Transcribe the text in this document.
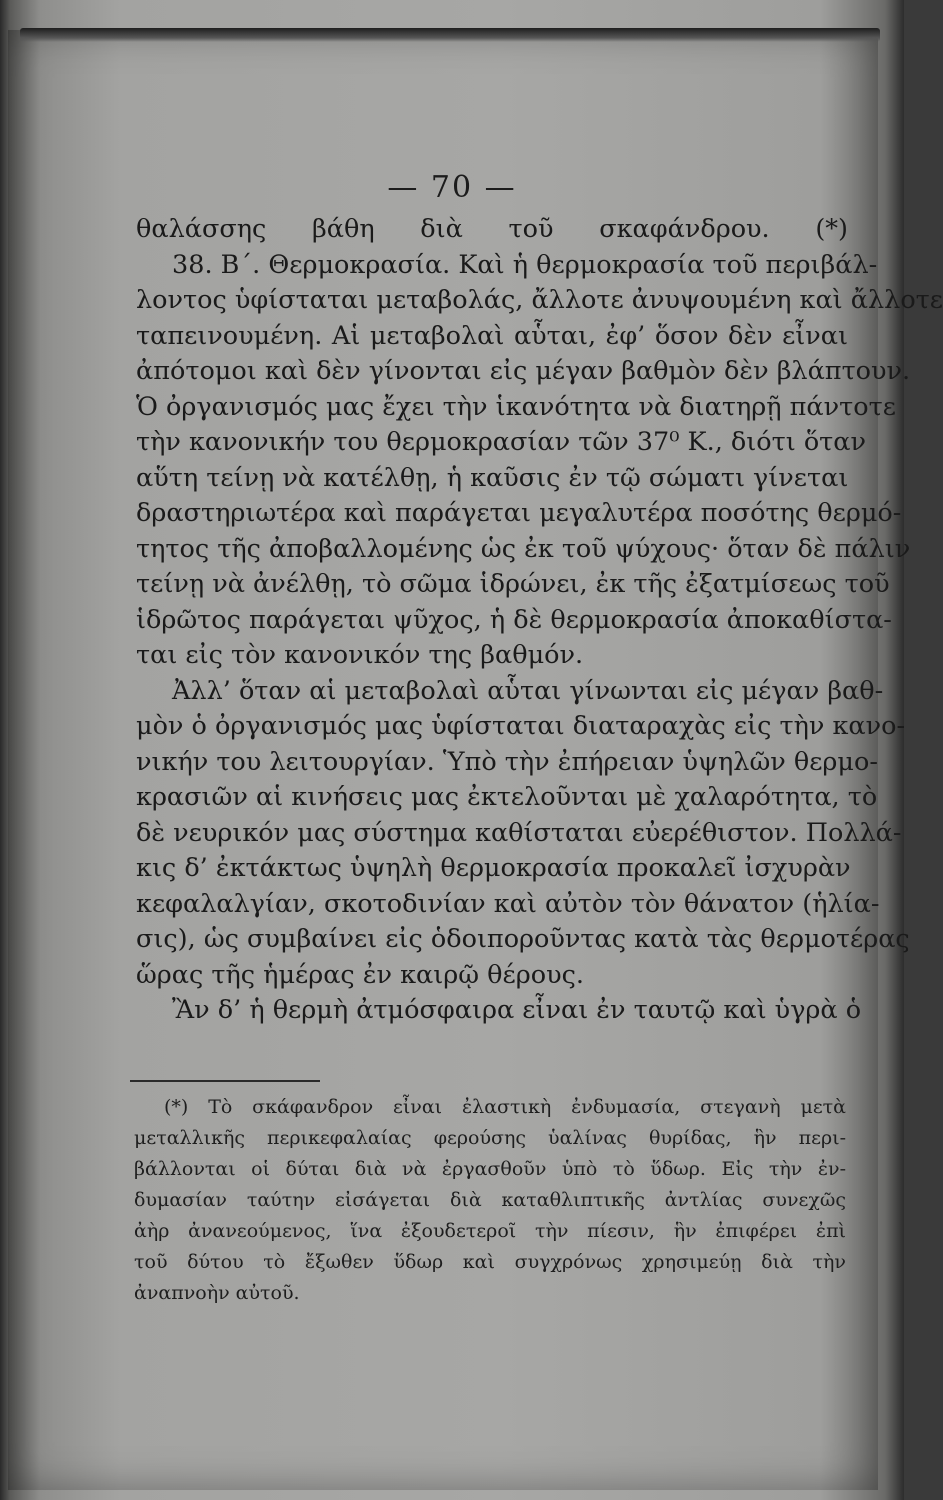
— 70 —
θαλάσσης βάθη διὰ τοῦ σκαφάνδρου. (*)
38. Β΄. Θερμοκρασία. Καὶ ἡ θερμοκρασία τοῦ περιβάλ-
λοντος ὑφίσταται μεταβολάς, ἄλλοτε ἀνυψουμένη καὶ ἄλλοτε
ταπεινουμένη. Αἱ μεταβολαὶ αὗται, ἐφ’ ὅσον δὲν εἶναι
ἀπότομοι καὶ δὲν γίνονται εἰς μέγαν βαθμὸν δὲν βλάπτουν.
Ὁ ὀργανισμός μας ἔχει τὴν ἱκανότητα νὰ διατηρῇ πάντοτε
τὴν κανονικήν του θερμοκρασίαν τῶν 37⁰ Κ., διότι ὅταν
αὕτη τείνῃ νὰ κατέλθῃ, ἡ καῦσις ἐν τῷ σώματι γίνεται
δραστηριωτέρα καὶ παράγεται μεγαλυτέρα ποσότης θερμό-
τητος τῆς ἀποβαλλομένης ὡς ἐκ τοῦ ψύχους· ὅταν δὲ πάλιν
τείνῃ νὰ ἀνέλθῃ, τὸ σῶμα ἱδρώνει, ἐκ τῆς ἐξατμίσεως τοῦ
ἱδρῶτος παράγεται ψῦχος, ἡ δὲ θερμοκρασία ἀποκαθίστα-
ται εἰς τὸν κανονικόν της βαθμόν.
Ἀλλ’ ὅταν αἱ μεταβολαὶ αὗται γίνωνται εἰς μέγαν βαθ-
μὸν ὁ ὀργανισμός μας ὑφίσταται διαταραχὰς εἰς τὴν κανο-
νικήν του λειτουργίαν. Ὑπὸ τὴν ἐπήρειαν ὑψηλῶν θερμο-
κρασιῶν αἱ κινήσεις μας ἐκτελοῦνται μὲ χαλαρότητα, τὸ
δὲ νευρικόν μας σύστημα καθίσταται εὐερέθιστον. Πολλά-
κις δ’ ἐκτάκτως ὑψηλὴ θερμοκρασία προκαλεῖ ἰσχυρὰν
κεφαλαλγίαν, σκοτοδινίαν καὶ αὐτὸν τὸν θάνατον (ἡλία-
σις), ὡς συμβαίνει εἰς ὁδοιποροῦντας κατὰ τὰς θερμοτέρας
ὥρας τῆς ἡμέρας ἐν καιρῷ θέρους.
Ἂν δ’ ἡ θερμὴ ἀτμόσφαιρα εἶναι ἐν ταυτῷ καὶ ὑγρὰ ὁ
(*) Τὸ σκάφανδρον εἶναι ἐλαστικὴ ἐνδυμασία, στεγανὴ μετὰ
μεταλλικῆς περικεφαλαίας φερούσης ὑαλίνας θυρίδας, ἣν περι-
βάλλονται οἱ δύται διὰ νὰ ἐργασθοῦν ὑπὸ τὸ ὕδωρ. Εἰς τὴν ἐν-
δυμασίαν ταύτην εἰσάγεται διὰ καταθλιπτικῆς ἀντλίας συνεχῶς
ἀὴρ ἀνανεούμενος, ἵνα ἐξουδετεροῖ τὴν πίεσιν, ἣν ἐπιφέρει ἐπὶ
τοῦ δύτου τὸ ἔξωθεν ὕδωρ καὶ συγχρόνως χρησιμεύῃ διὰ τὴν
ἀναπνοὴν αὐτοῦ.
